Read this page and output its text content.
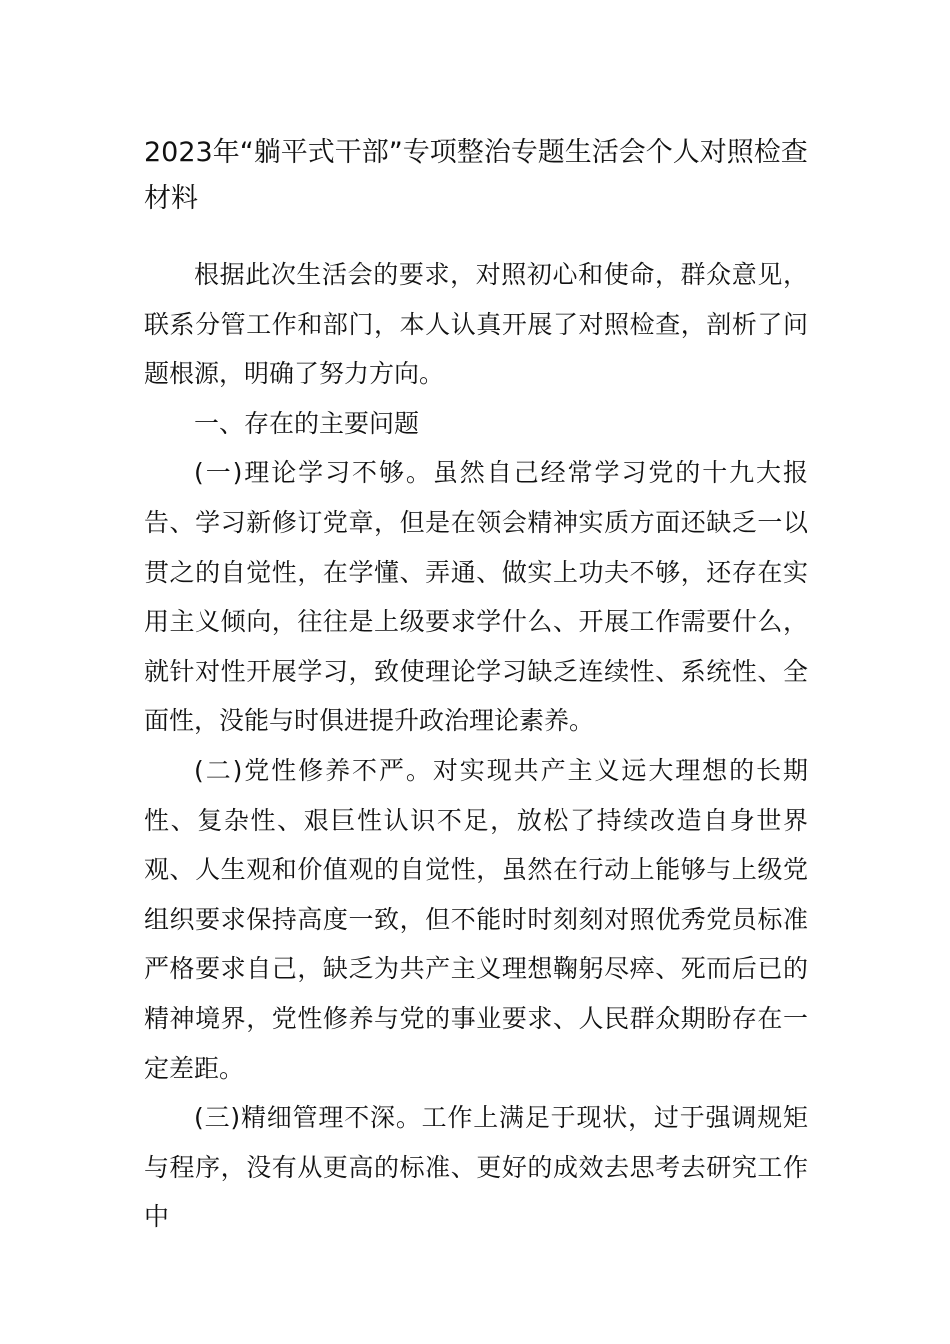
2023年“躺平式干部”专项整治专题生活会个人对照检查材料

根据此次生活会的要求，对照初心和使命，群众意见，联系分管工作和部门，本人认真开展了对照检查，剖析了问题根源，明确了努力方向。

一、存在的主要问题

(一)理论学习不够。虽然自己经常学习党的十九大报告、学习新修订党章，但是在领会精神实质方面还缺乏一以贯之的自觉性，在学懂、弄通、做实上功夫不够，还存在实用主义倾向，往往是上级要求学什么、开展工作需要什么，就针对性开展学习，致使理论学习缺乏连续性、系统性、全面性，没能与时俱进提升政治理论素养。

(二)党性修养不严。对实现共产主义远大理想的长期性、复杂性、艰巨性认识不足，放松了持续改造自身世界观、人生观和价值观的自觉性，虽然在行动上能够与上级党组织要求保持高度一致，但不能时时刻刻对照优秀党员标准严格要求自己，缺乏为共产主义理想鞠躬尽瘁、死而后已的精神境界，党性修养与党的事业要求、人民群众期盼存在一定差距。

(三)精细管理不深。工作上满足于现状，过于强调规矩与程序，没有从更高的标准、更好的成效去思考去研究工作中
